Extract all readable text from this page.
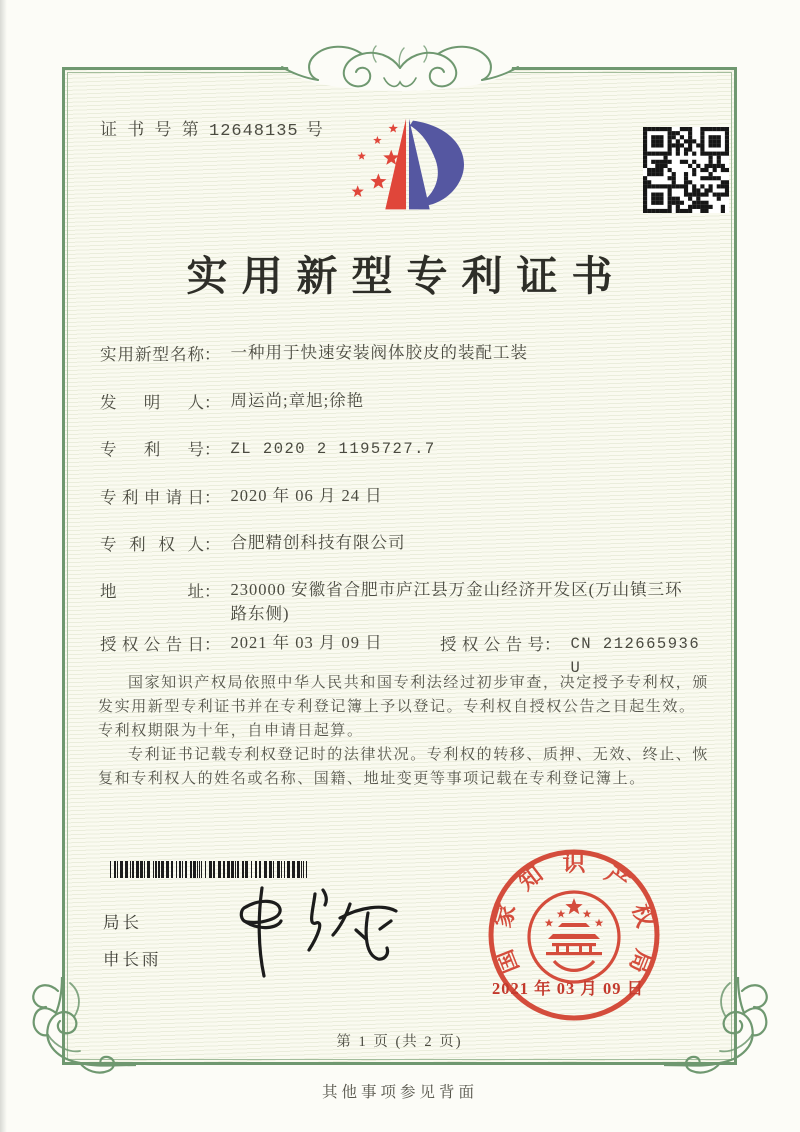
证 书 号 第 12648135 号
实用新型专利证书
实用新型名称 ： 一种用于快速安装阀体胶皮的装配工装
发明人 ： 周运尚;章旭;徐艳
专利号 ： ZL 2020 2 1195727.7
专利申请日 ： 2020 年 06 月 24 日
专利权人 ： 合肥精创科技有限公司
地址 ： 230000 安徽省合肥市庐江县万金山经济开发区(万山镇三环路东侧)
授权公告日 ： 2021 年 03 月 09 日	授权公告号 ： CN 212665936 U

国家知识产权局依照中华人民共和国专利法经过初步审查，决定授予专利权，颁发实用新型专利证书并在专利登记簿上予以登记。专利权自授权公告之日起生效。专利权期限为十年，自申请日起算。

专利证书记载专利权登记时的法律状况。专利权的转移、质押、无效、终止、恢复和专利权人的姓名或名称、国籍、地址变更等事项记载在专利登记簿上。

局长
申长雨	国家知识产权局
2021 年 03 月 09 日
第 1 页 (共 2 页)
其他事项参见背面
